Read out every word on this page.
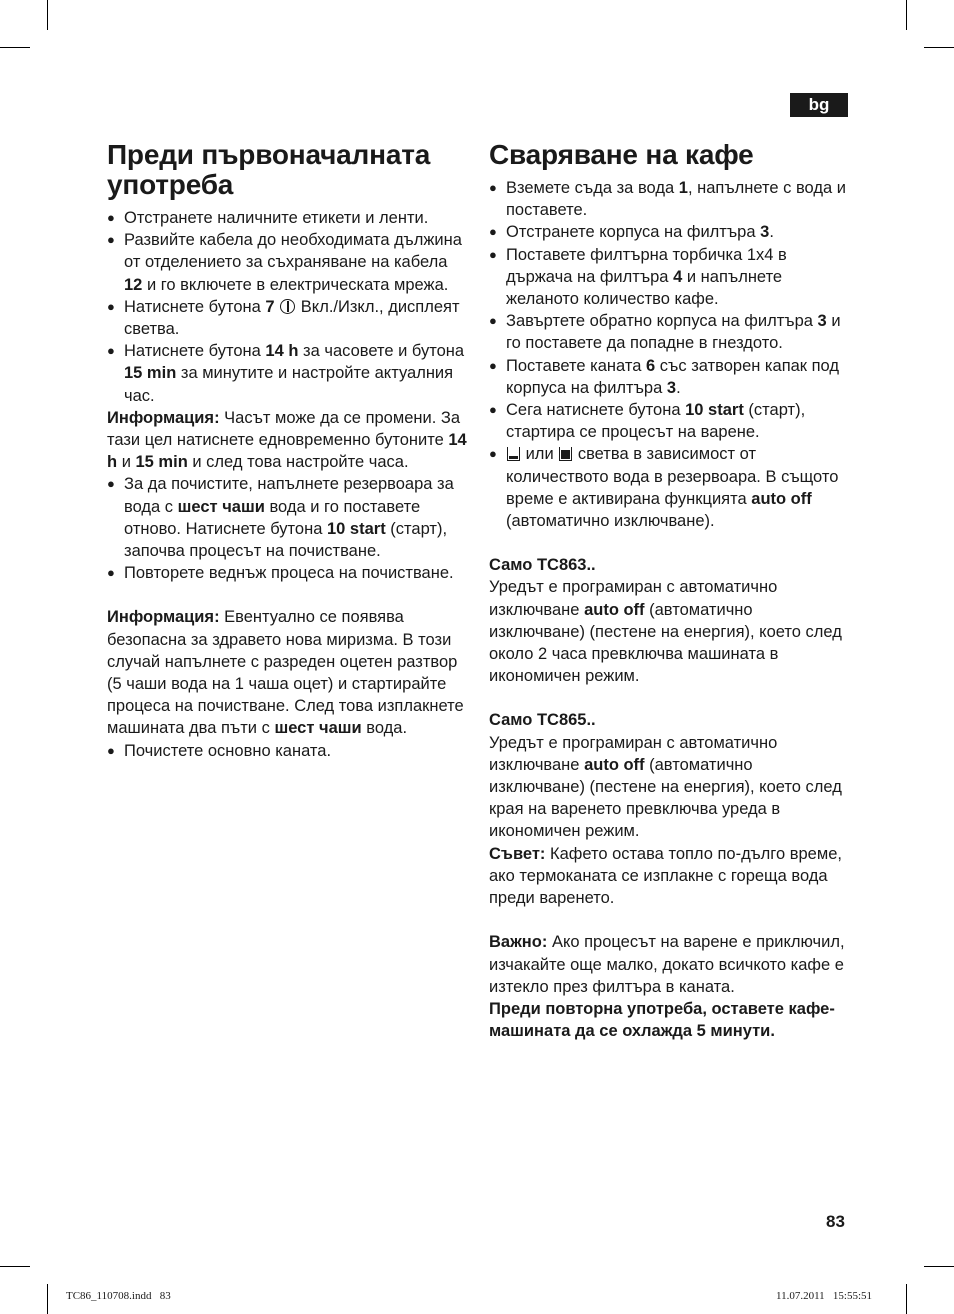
bg
Преди първоначалната употреба
● Отстранете наличните етикети и ленти.
● Развийте кабела до необходимата дължина от отделението за съхраняване на кабела 12 и го включете в електрическата мрежа.
● Натиснете бутона 7 Вкл./Изкл., дисплеят светва.
● Натиснете бутона 14 h за часовете и бутона 15 min за минутите и настройте актуалния час.

Информация: Часът може да се промени. За тази цел натиснете едновременно бутоните 14 h и 15 min и след това настройте часа.

● За да почистите, напълнете резервоара за вода с шест чаши вода и го поставете отново. Натиснете бутона 10 start (старт), започва процесът на почистване.
● Повторете веднъж процеса на почистване.

Информация: Евентуално се появява безопасна за здравето нова миризма. В този случай напълнете с разреден оцетен разтвор (5 чаши вода на 1 чаша оцет) и стартирайте процеса на почистване. След това изплакнете машината два пъти с шест чаши вода.

● Почистете основно каната.
Сваряване на кафе
● Вземете съда за вода 1, напълнете с вода и поставете.
● Отстранете корпуса на филтъра 3.
● Поставете филтърна торбичка 1x4 в държача на филтъра 4 и напълнете желаното количество кафе.
● Завъртете обратно корпуса на филтъра 3 и го поставете да попадне в гнездото.
● Поставете каната 6 със затворен капак под корпуса на филтъра 3.
● Сега натиснете бутона 10 start (старт), стартира се процесът на варене.
● или светва в зависимост от количеството вода в резервоара. В същото време е активирана функцията auto off (автоматично изключване).

Само TC863..

Уредът е програмиран с автоматично изключване auto off (автоматично изключване) (пестене на енергия), което след около 2 часа превключва машината в икономичен режим.

Само TC865..

Уредът е програмиран с автоматично изключване auto off (автоматично изключване) (пестене на енергия), което след края на варенето превключва уреда в икономичен режим.

Съвет: Кафето остава топло по-дълго време, ако термоканата се изплакне с гореща вода преди варенето.

Важно: Ако процесът на варене е приключил, изчакайте още малко, докато всичкото кафе е изтекло през филтъра в каната.

Преди повторна употреба, оставете кафе-машината да се охлажда 5 минути.

83
TC86_110708.indd   83	11.07.2011   15:55:51
